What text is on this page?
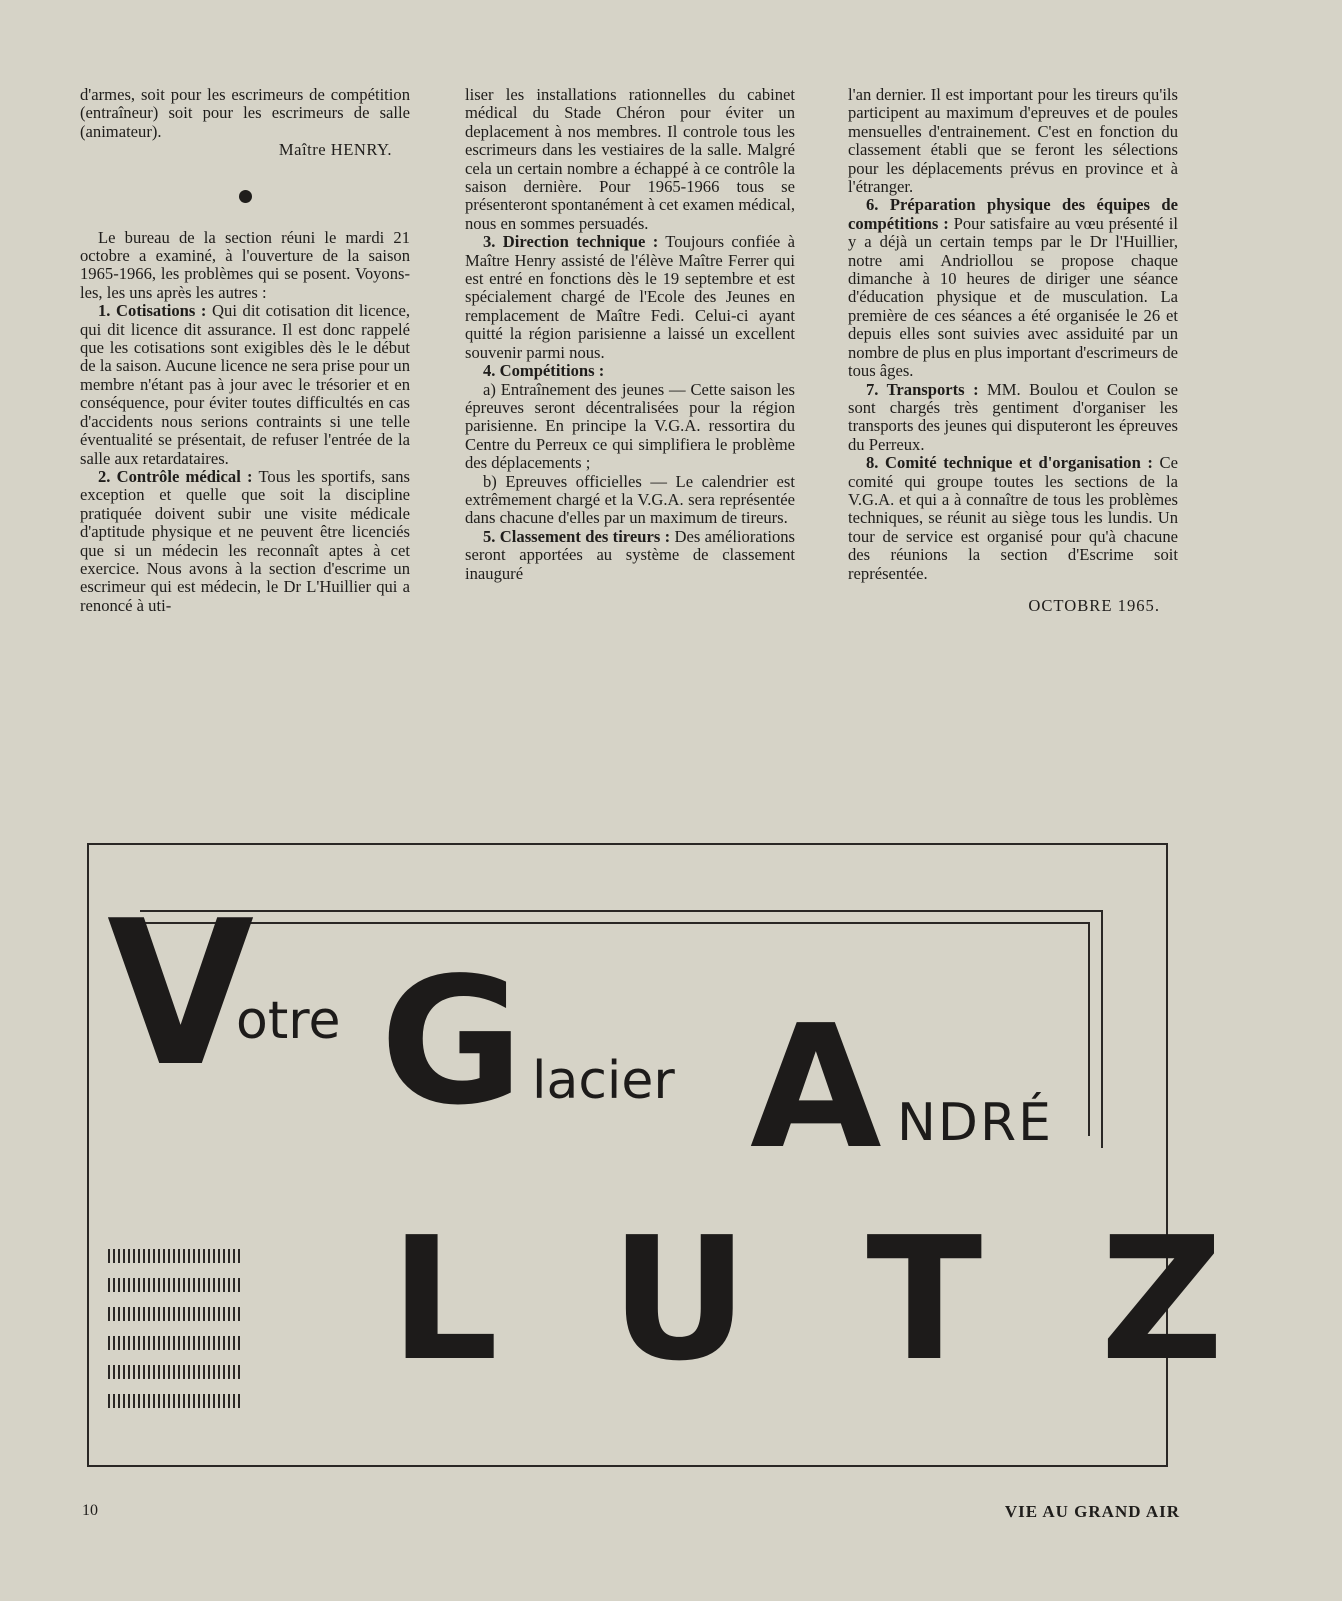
d'armes, soit pour les escrimeurs de compétition (entraîneur) soit pour les escrimeurs de salle (animateur).

Maître HENRY.

Le bureau de la section réuni le mardi 21 octobre a examiné, à l'ouverture de la saison 1965-1966, les problèmes qui se posent. Voyons-les, les uns après les autres :

1. Cotisations : Qui dit cotisation dit licence, qui dit licence dit assurance. Il est donc rappelé que les cotisations sont exigibles dès le le début de la saison. Aucune licence ne sera prise pour un membre n'étant pas à jour avec le trésorier et en conséquence, pour éviter toutes difficultés en cas d'accidents nous serions contraints si une telle éventualité se présentait, de refuser l'entrée de la salle aux retardataires.

2. Contrôle médical : Tous les sportifs, sans exception et quelle que soit la discipline pratiquée doivent subir une visite médicale d'aptitude physique et ne peuvent être licenciés que si un médecin les reconnaît aptes à cet exercice. Nous avons à la section d'escrime un escrimeur qui est médecin, le Dr L'Huillier qui a renoncé à uti-

liser les installations rationnelles du cabinet médical du Stade Chéron pour éviter un deplacement à nos membres. Il controle tous les escrimeurs dans les vestiaires de la salle. Malgré cela un certain nombre a échappé à ce contrôle la saison dernière. Pour 1965-1966 tous se présenteront spontanément à cet examen médical, nous en sommes persuadés.

3. Direction technique : Toujours confiée à Maître Henry assisté de l'élève Maître Ferrer qui est entré en fonctions dès le 19 septembre et est spécialement chargé de l'Ecole des Jeunes en remplacement de Maître Fedi. Celui-ci ayant quitté la région parisienne a laissé un excellent souvenir parmi nous.

4. Compétitions :

a) Entraînement des jeunes — Cette saison les épreuves seront décentralisées pour la région parisienne. En principe la V.G.A. ressortira du Centre du Perreux ce qui simplifiera le problème des déplacements ;

b) Epreuves officielles — Le calendrier est extrêmement chargé et la V.G.A. sera représentée dans chacune d'elles par un maximum de tireurs.

5. Classement des tireurs : Des améliorations seront apportées au système de classement inauguré

l'an dernier. Il est important pour les tireurs qu'ils participent au maximum d'epreuves et de poules mensuelles d'entrainement. C'est en fonction du classement établi que se feront les sélections pour les déplacements prévus en province et à l'étranger.

6. Préparation physique des équipes de compétitions : Pour satisfaire au vœu présenté il y a déjà un certain temps par le Dr l'Huillier, notre ami Andriollou se propose chaque dimanche à 10 heures de diriger une séance d'éducation physique et de musculation. La première de ces séances a été organisée le 26 et depuis elles sont suivies avec assiduité par un nombre de plus en plus important d'escrimeurs de tous âges.

7. Transports : MM. Boulou et Coulon se sont chargés très gentiment d'organiser les transports des jeunes qui disputeront les épreuves du Perreux.

8. Comité technique et d'organisation : Ce comité qui groupe toutes les sections de la V.G.A. et qui a à connaître de tous les problèmes techniques, se réunit au siège tous les lundis. Un tour de service est organisé pour qu'à chacune des réunions la section d'Escrime soit représentée.

OCTOBRE 1965.

V
otre G lacier A NDRÉ
LUTZ
10	VIE AU GRAND AIR
